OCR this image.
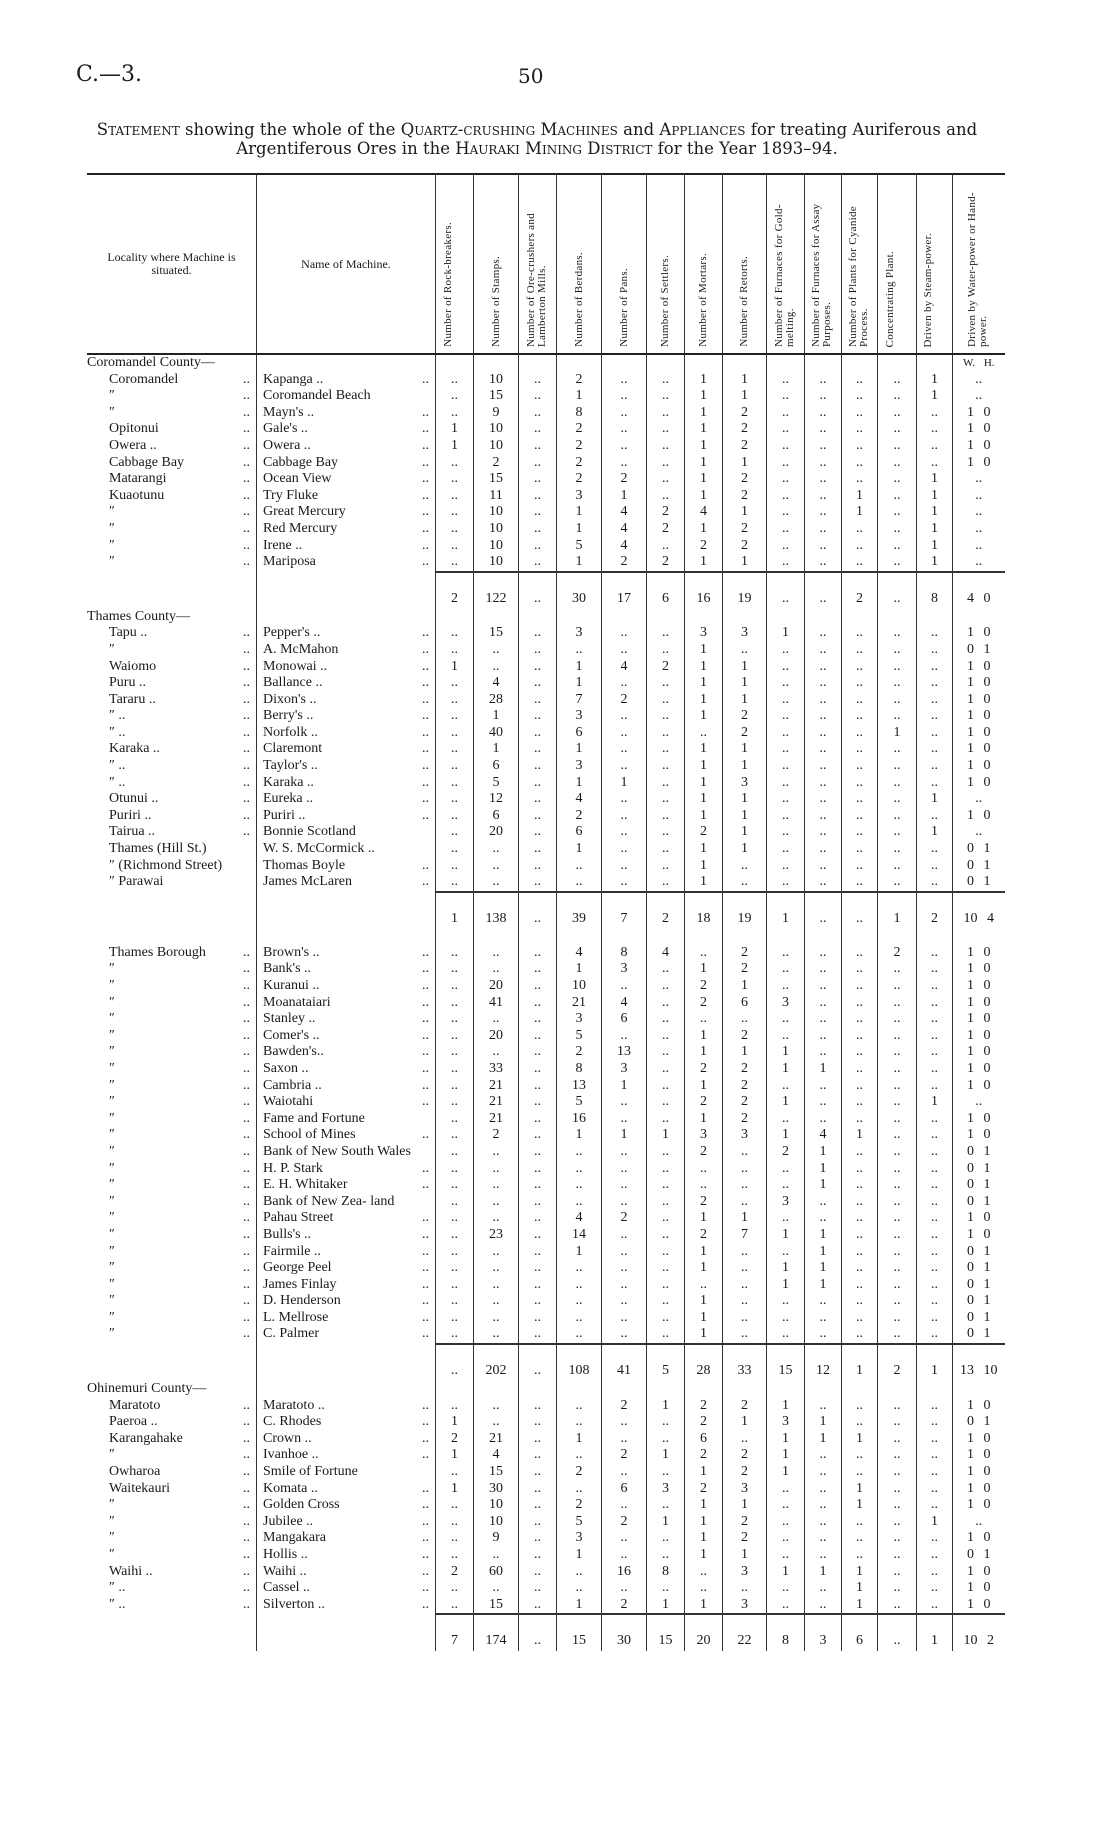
C.—3.	50
Statement showing the whole of the Quartz-crushing Machines and Appliances for treating Auriferous and Argentiferous Ores in the Hauraki Mining District for the Year 1893–94.
Locality where Machine is situated.	Name of Machine.	Number of Rock-breakers.	Number of Stamps.	Number of Ore-crushers and Lamberton Mills.	Number of Berdans.	Number of Pans.	Number of Settlers.	Number of Mortars.	Number of Retorts.	Number of Furnaces for Gold-melting.	Number of Furnaces for Assay Purposes.	Number of Plants for Cyanide Process.	Concentrating Plant.	Driven by Steam-power.	Driven by Water-power or Hand-power.

Coromandel County—															W. H.
Coromandel ..	Kapanga .. ..	..	10	..	2	..	..	1	1	..	..	..	..	1	..
″ ..	Coromandel Beach	..	15	..	1	..	..	1	1	..	..	..	..	1	..
″ ..	Mayn's .. ..	..	9	..	8	..	..	1	2	..	..	..	..	..	1 0
Opitonui ..	Gale's .. ..	1	10	..	2	..	..	1	2	..	..	..	..	..	1 0
Owera .. ..	Owera .. ..	1	10	..	2	..	..	1	2	..	..	..	..	..	1 0
Cabbage Bay ..	Cabbage Bay ..	..	2	..	2	..	..	1	1	..	..	..	..	..	1 0
Matarangi ..	Ocean View ..	..	15	..	2	2	..	1	2	..	..	..	..	1	..
Kuaotunu ..	Try Fluke ..	..	11	..	3	1	..	1	2	..	..	1	..	1	..
″ ..	Great Mercury ..	..	10	..	1	4	2	4	1	..	..	1	..	1	..
″ ..	Red Mercury ..	..	10	..	1	4	2	1	2	..	..	..	..	1	..
″ ..	Irene .. ..	..	10	..	5	4	..	2	2	..	..	..	..	1	..
″ ..	Mariposa ..	..	10	..	1	2	2	1	1	..	..	..	..	1	..
		2	122	..	30	17	6	16	19	..	..	2	..	8	4 0
Thames County—															
Tapu .. ..	Pepper's .. ..	..	15	..	3	..	..	3	3	1	..	..	..	..	1 0
″ ..	A. McMahon ..	..	..	..	..	..	..	1	..	..	..	..	..	..	0 1
Waiomo ..	Monowai .. ..	1	..	..	1	4	2	1	1	..	..	..	..	..	1 0
Puru .. ..	Ballance .. ..	..	4	..	1	..	..	1	1	..	..	..	..	..	1 0
Tararu .. ..	Dixon's .. ..	..	28	..	7	2	..	1	1	..	..	..	..	..	1 0
″ .. ..	Berry's .. ..	..	1	..	3	..	..	1	2	..	..	..	..	..	1 0
″ .. ..	Norfolk .. ..	..	40	..	6	..	..	..	2	..	..	..	1	..	1 0
Karaka .. ..	Claremont ..	..	1	..	1	..	..	1	1	..	..	..	..	..	1 0
″ .. ..	Taylor's .. ..	..	6	..	3	..	..	1	1	..	..	..	..	..	1 0
″ .. ..	Karaka .. ..	..	5	..	1	1	..	1	3	..	..	..	..	..	1 0
Otunui .. ..	Eureka .. ..	..	12	..	4	..	..	1	1	..	..	..	..	1	..
Puriri .. ..	Puriri .. ..	..	6	..	2	..	..	1	1	..	..	..	..	..	1 0
Tairua .. ..	Bonnie Scotland	..	20	..	6	..	..	2	1	..	..	..	..	1	..
Thames (Hill St.)	W. S. McCormick ..	..	..	..	1	..	..	1	1	..	..	..	..	..	0 1
″ (Richmond Street)	Thomas Boyle ..	..	..	..	..	..	..	1	..	..	..	..	..	..	0 1
″ Parawai	James McLaren ..	..	..	..	..	..	..	1	..	..	..	..	..	..	0 1
		1	138	..	39	7	2	18	19	1	..	..	1	2	10 4

Thames Borough ..	Brown's .. ..	..	..	..	4	8	4	..	2	..	..	..	2	..	1 0
″ ..	Bank's .. ..	..	..	..	1	3	..	1	2	..	..	..	..	..	1 0
″ ..	Kuranui .. ..	..	20	..	10	..	..	2	1	..	..	..	..	..	1 0
″ ..	Moanataiari ..	..	41	..	21	4	..	2	6	3	..	..	..	..	1 0
″ ..	Stanley .. ..	..	..	..	3	6	..	..	..	..	..	..	..	..	1 0
″ ..	Comer's .. ..	..	20	..	5	..	..	1	2	..	..	..	..	..	1 0
″ ..	Bawden's.. ..	..	..	..	2	13	..	1	1	1	..	..	..	..	1 0
″ ..	Saxon .. ..	..	33	..	8	3	..	2	2	1	1	..	..	..	1 0
″ ..	Cambria .. ..	..	21	..	13	1	..	1	2	..	..	..	..	..	1 0
″ ..	Waiotahi ..	..	21	..	5	..	..	2	2	1	..	..	..	1	..
″ ..	Fame and Fortune	..	21	..	16	..	..	1	2	..	..	..	..	..	1 0
″ ..	School of Mines ..	..	2	..	1	1	1	3	3	1	4	1	..	..	1 0
″ ..	Bank of New South Wales	..	..	..	..	..	..	2	..	2	1	..	..	..	0 1
″ ..	H. P. Stark ..	..	..	..	..	..	..	..	..	..	1	..	..	..	0 1
″ ..	E. H. Whitaker ..	..	..	..	..	..	..	..	..	..	1	..	..	..	0 1
″ ..	Bank of New Zea- land	..	..	..	..	..	..	2	..	3	..	..	..	..	0 1
″ ..	Pahau Street ..	..	..	..	4	2	..	1	1	..	..	..	..	..	1 0
″ ..	Bulls's .. ..	..	23	..	14	..	..	2	7	1	1	..	..	..	1 0
″ ..	Fairmile .. ..	..	..	..	1	..	..	1	..	..	1	..	..	..	0 1
″ ..	George Peel ..	..	..	..	..	..	..	1	..	1	1	..	..	..	0 1
″ ..	James Finlay ..	..	..	..	..	..	..	..	..	1	1	..	..	..	0 1
″ ..	D. Henderson ..	..	..	..	..	..	..	1	..	..	..	..	..	..	0 1
″ ..	L. Mellrose ..	..	..	..	..	..	..	1	..	..	..	..	..	..	0 1
″ ..	C. Palmer ..	..	..	..	..	..	..	1	..	..	..	..	..	..	0 1
		..	202	..	108	41	5	28	33	15	12	1	2	1	13 10
Ohinemuri County—															
Maratoto ..	Maratoto .. ..	..	..	..	..	2	1	2	2	1	..	..	..	..	1 0
Paeroa .. ..	C. Rhodes ..	1	..	..	..	..	..	2	1	3	1	..	..	..	0 1
Karangahake ..	Crown .. ..	2	21	..	1	..	..	6	..	1	1	1	..	..	1 0
″ ..	Ivanhoe .. ..	1	4	..	..	2	1	2	2	1	..	..	..	..	1 0
Owharoa ..	Smile of Fortune	..	15	..	2	..	..	1	2	1	..	..	..	..	1 0
Waitekauri ..	Komata .. ..	1	30	..	..	6	3	2	3	..	..	1	..	..	1 0
″ ..	Golden Cross ..	..	10	..	2	..	..	1	1	..	..	1	..	..	1 0
″ ..	Jubilee .. ..	..	10	..	5	2	1	1	2	..	..	..	..	1	..
″ ..	Mangakara ..	..	9	..	3	..	..	1	2	..	..	..	..	..	1 0
″ ..	Hollis .. ..	..	..	..	1	..	..	1	1	..	..	..	..	..	0 1
Waihi .. ..	Waihi .. ..	2	60	..	..	16	8	..	3	1	1	1	..	..	1 0
″ .. ..	Cassel .. ..	..	..	..	..	..	..	..	..	..	..	1	..	..	1 0
″ .. ..	Silverton .. ..	..	15	..	1	2	1	1	3	..	..	1	..	..	1 0
		7	174	..	15	30	15	20	22	8	3	6	..	1	10 2
